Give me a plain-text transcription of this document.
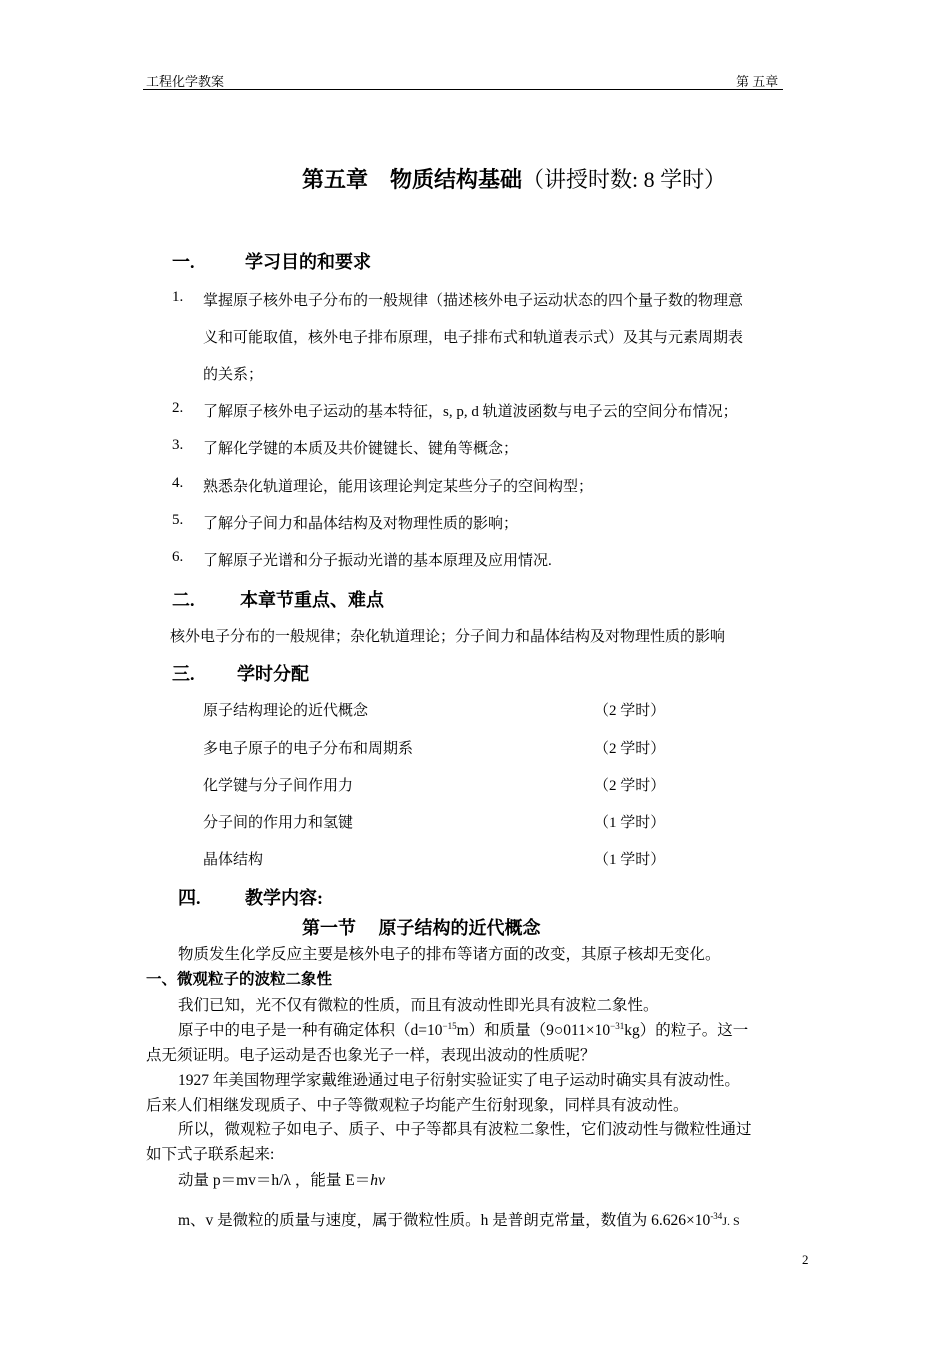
工程化学教案	第 五章
第五章　物质结构基础（讲授时数: 8 学时）
一.	学习目的和要求
1. 掌握原子核外电子分布的一般规律（描述核外电子运动状态的四个量子数的物理意
义和可能取值，核外电子排布原理，电子排布式和轨道表示式）及其与元素周期表
的关系；
2. 了解原子核外电子运动的基本特征，s, p, d 轨道波函数与电子云的空间分布情况；
3. 了解化学键的本质及共价键键长、键角等概念；
4. 熟悉杂化轨道理论，能用该理论判定某些分子的空间构型；
5. 了解分子间力和晶体结构及对物理性质的影响；
6. 了解原子光谱和分子振动光谱的基本原理及应用情况.
二.	本章节重点、难点
核外电子分布的一般规律；杂化轨道理论；分子间力和晶体结构及对物理性质的影响
三. 学时分配
原子结构理论的近代概念	（2 学时）
多电子原子的电子分布和周期系	（2 学时）
化学键与分子间作用力	（2 学时）
分子间的作用力和氢键	（1 学时）
晶体结构	（1 学时）
四. 教学内容:
第一节　 原子结构的近代概念
物质发生化学反应主要是核外电子的排布等诸方面的改变，其原子核却无变化。
一、微观粒子的波粒二象性
我们已知，光不仅有微粒的性质，而且有波动性即光具有波粒二象性。
原子中的电子是一种有确定体积$(d=10^{-15}m)$和质量$(9○011\times 10^{-31}kg)$的粒子。这一
点无须证明。电子运动是否也象光子一样，表现出波动的性质呢？
1927 年美国物理学家戴维逊通过电子衍射实验证实了电子运动时确实具有波动性。
后来人们相继发现质子、中子等微观粒子均能产生衍射现象，同样具有波动性。
所以，微观粒子如电子、质子、中子等都具有波粒二象性，它们波动性与微粒性通过
如下式子联系起来:
动量 p＝mv＝h/λ ，能量 E＝hv
m、v 是微粒的质量与速度，属于微粒性质。h 是普朗克常量，数值为 $6.626\times 10^{-34}J$. S
2
